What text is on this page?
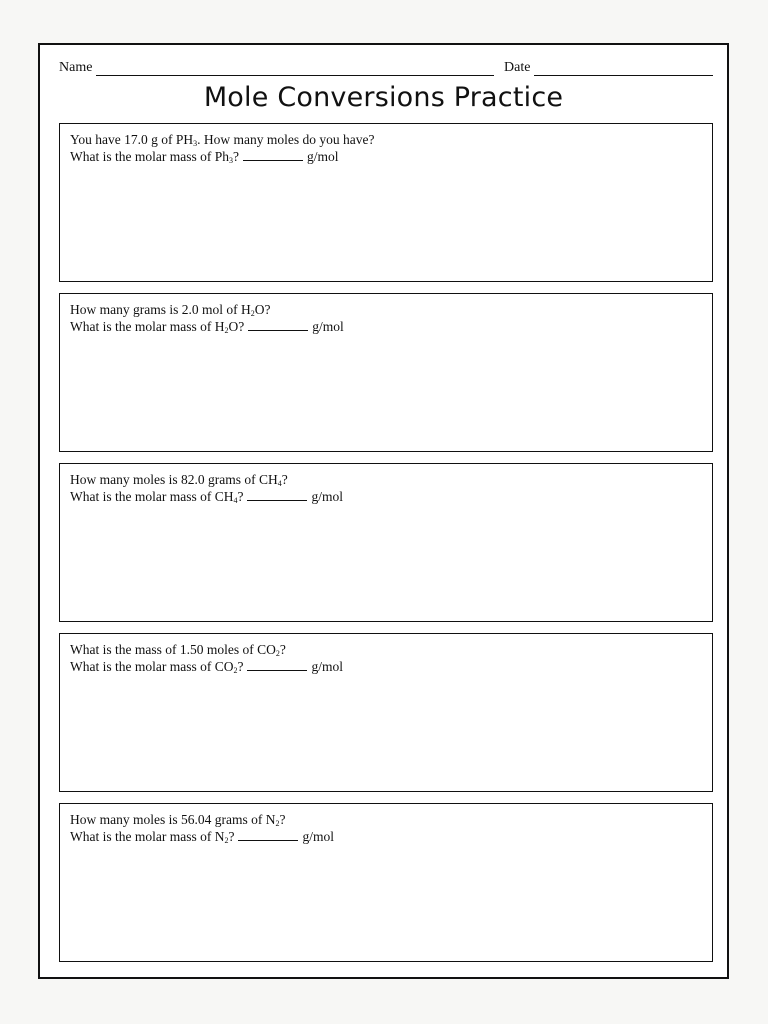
Name	Date
Mole Conversions Practice
You have 17.0 g of $PH_3$. How many moles do you have?
What is the molar mass of $Ph_3$?	g/mol
How many grams is 2.0 mol of $H_2O$?
What is the molar mass of $H_2O$?	g/mol
How many moles is 82.0 grams of $CH_4$?
What is the molar mass of $CH_4$?	g/mol
What is the mass of 1.50 moles of $CO_2$?
What is the molar mass of $CO_2$?	g/mol
How many moles is 56.04 grams of $N_2$?
What is the molar mass of $N_2$?	g/mol
